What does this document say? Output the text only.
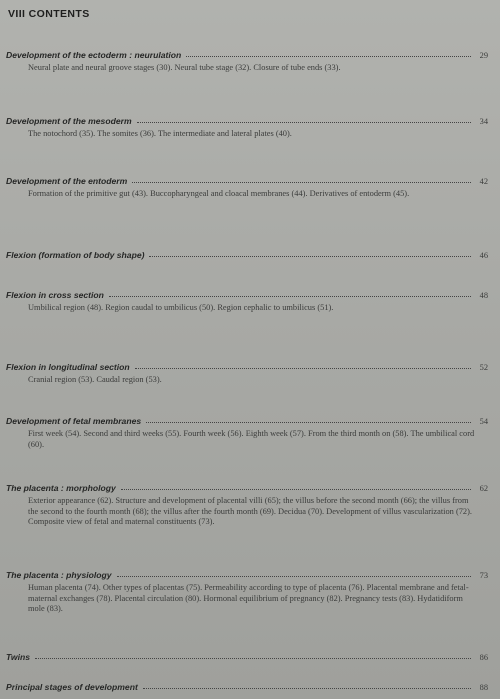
VIII CONTENTS
Development of the ectoderm : neurulation	29
Neural plate and neural groove stages (30). Neural tube stage (32). Closure of tube ends (33).
Development of the mesoderm	34
The notochord (35). The somites (36). The intermediate and lateral plates (40).
Development of the entoderm	42
Formation of the primitive gut (43). Buccopharyngeal and cloacal membranes (44). Derivatives of entoderm (45).
Flexion (formation of body shape)	46
Flexion in cross section	48
Umbilical region (48). Region caudal to umbilicus (50). Region cephalic to umbilicus (51).
Flexion in longitudinal section	52
Cranial region (53). Caudal region (53).
Development of fetal membranes	54
First week (54). Second and third weeks (55). Fourth week (56). Eighth week (57). From the third month on (58). The umbilical cord (60).
The placenta : morphology	62
Exterior appearance (62). Structure and development of placental villi (65); the villus before the second month (66); the villus from the second to the fourth month (68); the villus after the fourth month (69). Decidua (70). Development of villus vascularization (72). Composite view of fetal and maternal constituents (73).
The placenta : physiology	73
Human placenta (74). Other types of placentas (75). Permeability according to type of placenta (76). Placental membrane and fetal-maternal exchanges (78). Placental circulation (80). Hormonal equilibrium of pregnancy (82). Pregnancy tests (83). Hydatidiform mole (83).
Twins	86
Principal stages of development	88
